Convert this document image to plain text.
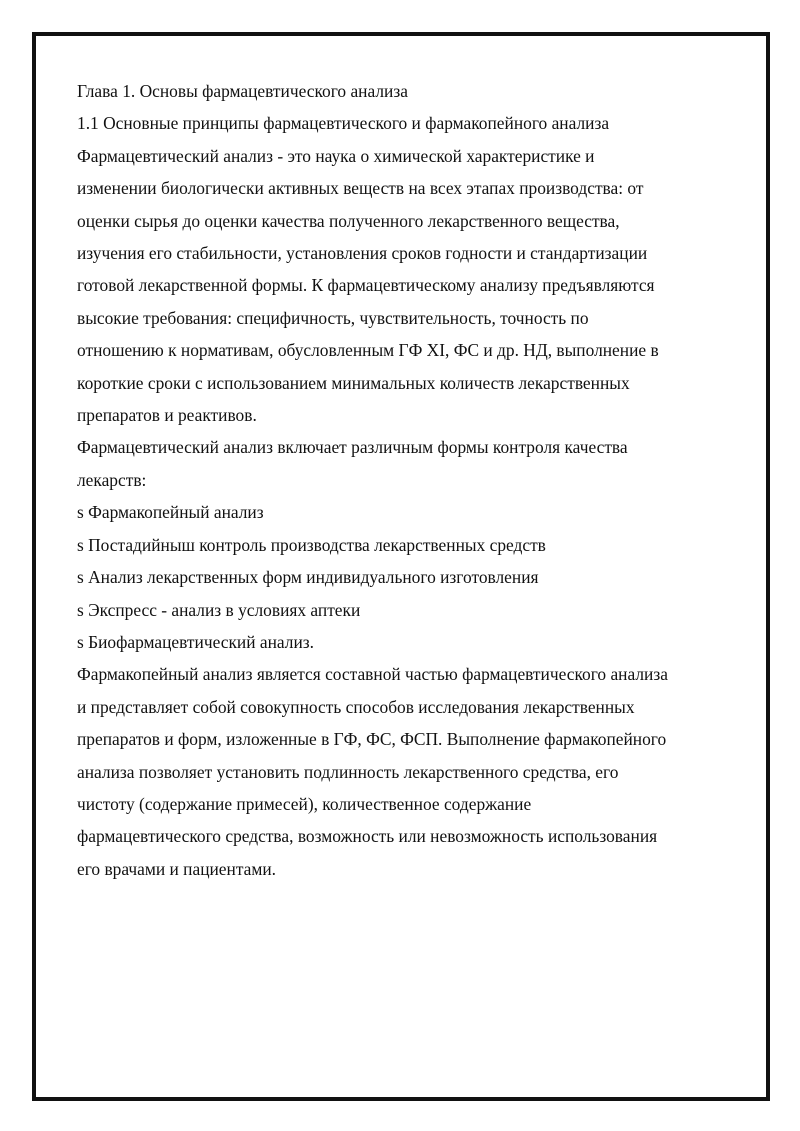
Глава 1. Основы фармацевтического анализа
1.1 Основные принципы фармацевтического и фармакопейного анализа
Фармацевтический анализ - это наука о химической характеристике и
изменении биологически активных веществ на всех этапах производства: от
оценки сырья до оценки качества полученного лекарственного вещества,
изучения его стабильности, установления сроков годности и стандартизации
готовой лекарственной формы. К фармацевтическому анализу предъявляются
высокие требования: специфичность, чувствительность, точность по
отношению к нормативам, обусловленным ГФ XI, ФС и др. НД, выполнение в
короткие сроки с использованием минимальных количеств лекарственных
препаратов и реактивов.
Фармацевтический анализ включает различным формы контроля качества
лекарств:
s Фармакопейный анализ
s Постадийныш контроль производства лекарственных средств
s Анализ лекарственных форм индивидуального изготовления
s Экспресс - анализ в условиях аптеки
s Биофармацевтический анализ.
Фармакопейный анализ является составной частью фармацевтического анализа
и представляет собой совокупность способов исследования лекарственных
препаратов и форм, изложенные в ГФ, ФС, ФСП. Выполнение фармакопейного
анализа позволяет установить подлинность лекарственного средства, его
чистоту (содержание примесей), количественное содержание
фармацевтического средства, возможность или невозможность использования
его врачами и пациентами.
